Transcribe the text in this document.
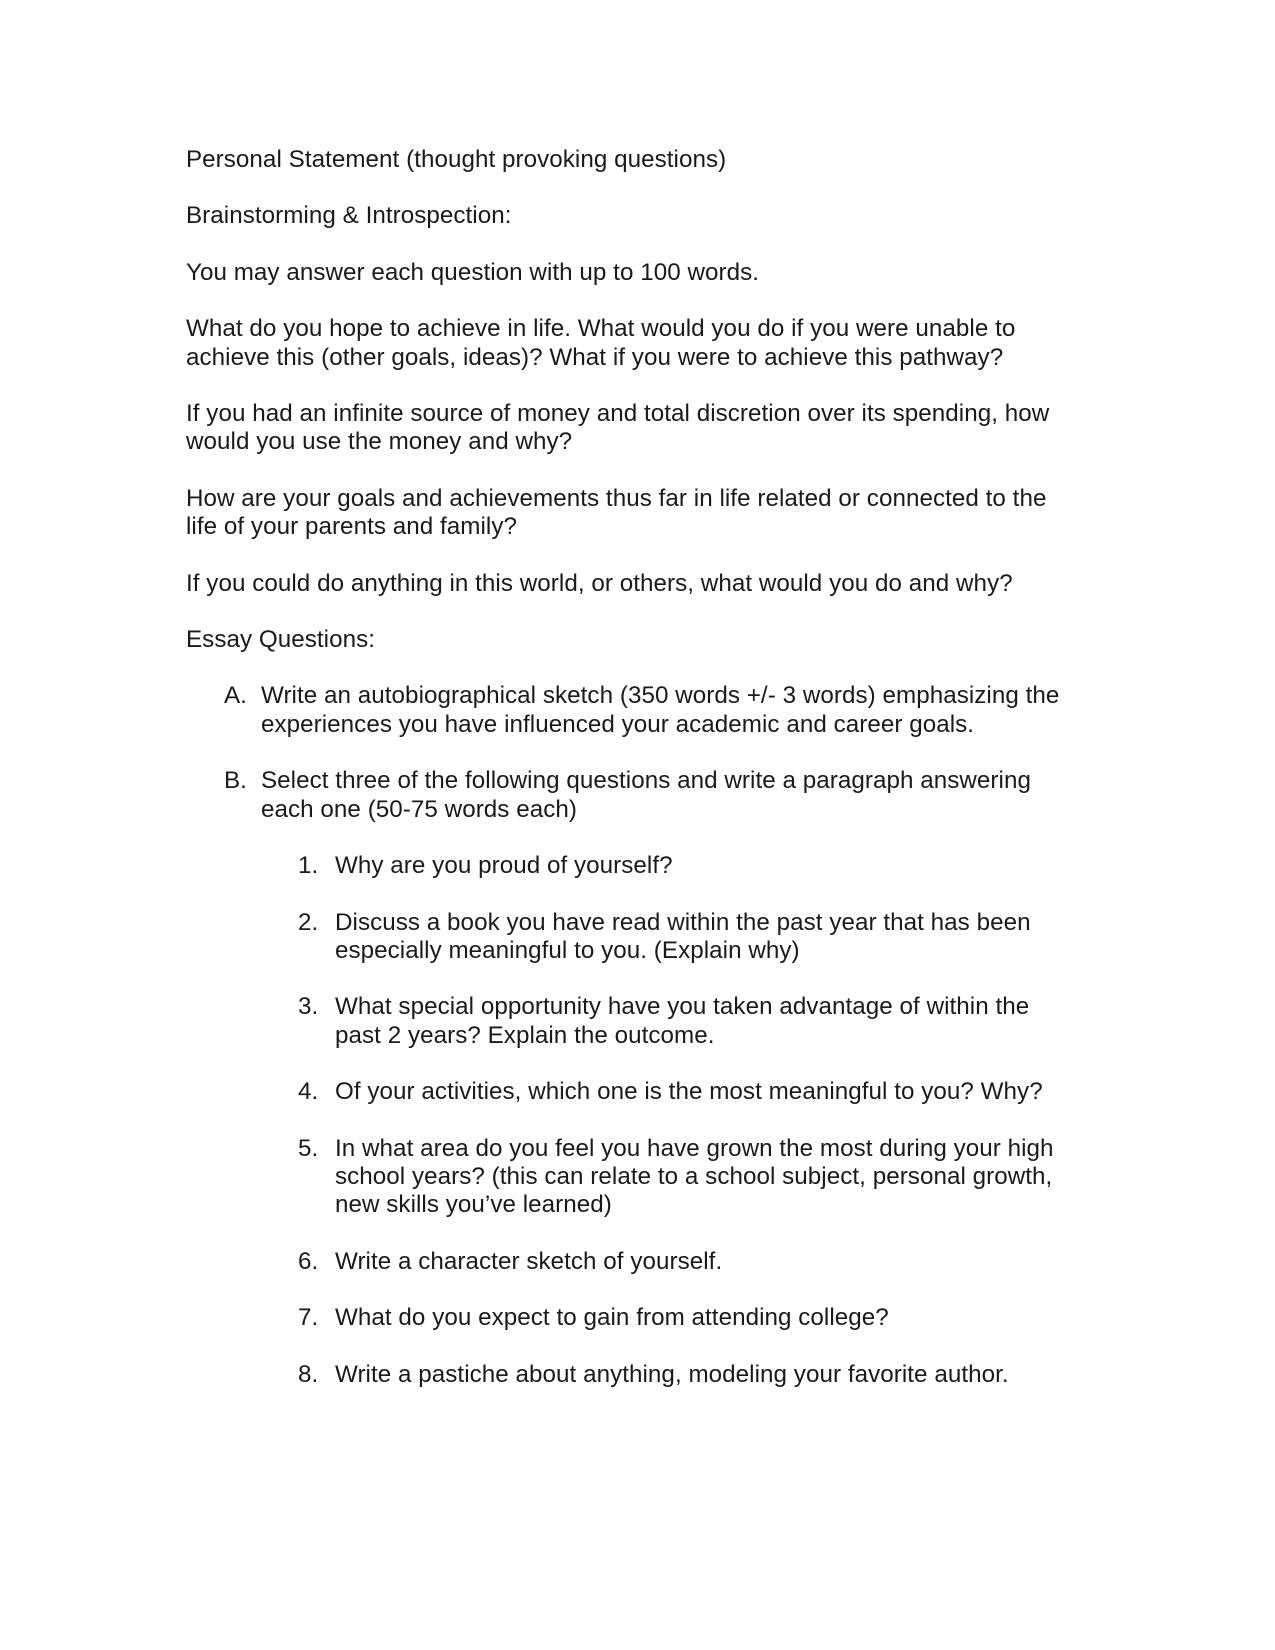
Personal Statement (thought provoking questions)

Brainstorming & Introspection:

You may answer each question with up to 100 words.

What do you hope to achieve in life. What would you do if you were unable to
achieve this (other goals, ideas)? What if you were to achieve this pathway?

If you had an infinite source of money and total discretion over its spending, how
would you use the money and why?

How are your goals and achievements thus far in life related or connected to the
life of your parents and family?

If you could do anything in this world, or others, what would you do and why?

Essay Questions:

A. Write an autobiographical sketch (350 words +/- 3 words) emphasizing the
experiences you have influenced your academic and career goals.
B. Select three of the following questions and write a paragraph answering
each one (50-75 words each)
1. Why are you proud of yourself?
2. Discuss a book you have read within the past year that has been
especially meaningful to you. (Explain why)
3. What special opportunity have you taken advantage of within the
past 2 years? Explain the outcome.
4. Of your activities, which one is the most meaningful to you? Why?
5. In what area do you feel you have grown the most during your high
school years? (this can relate to a school subject, personal growth,
new skills you’ve learned)
6. Write a character sketch of yourself.
7. What do you expect to gain from attending college?
8. Write a pastiche about anything, modeling your favorite author.
